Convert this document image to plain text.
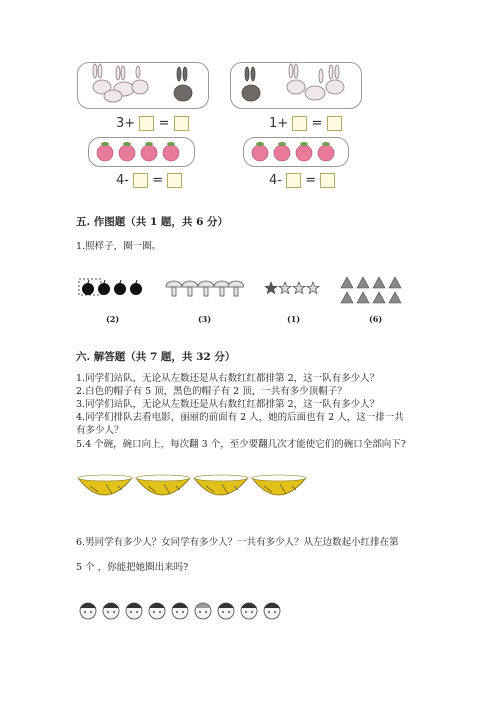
3+ =	1+ =
4- =	4- =
五. 作图题（共 1 题，共 6 分）
1.照样子，圈一圈。
(2)	(3)	(1)	(6)
六. 解答题（共 7 题，共 32 分）
1.同学们站队，无论从左数还是从右数红红都排第 2，这一队有多少人？
2.白色的帽子有 5 顶，黑色的帽子有 2 顶，一共有多少顶帽子？
3.同学们站队，无论从左数还是从右数红红都排第 2，这一队有多少人？
4.同学们排队去看电影，丽丽的前面有 2 人，她的后面也有 2 人，这一排一共
有多少人？
5.4 个碗，碗口向上，每次翻 3 个，至少要翻几次才能使它们的碗口全部向下?
6.男同学有多少人？女同学有多少人？一共有多少人？从左边数起小红排在第
5 个 ，你能把她圈出来吗?
